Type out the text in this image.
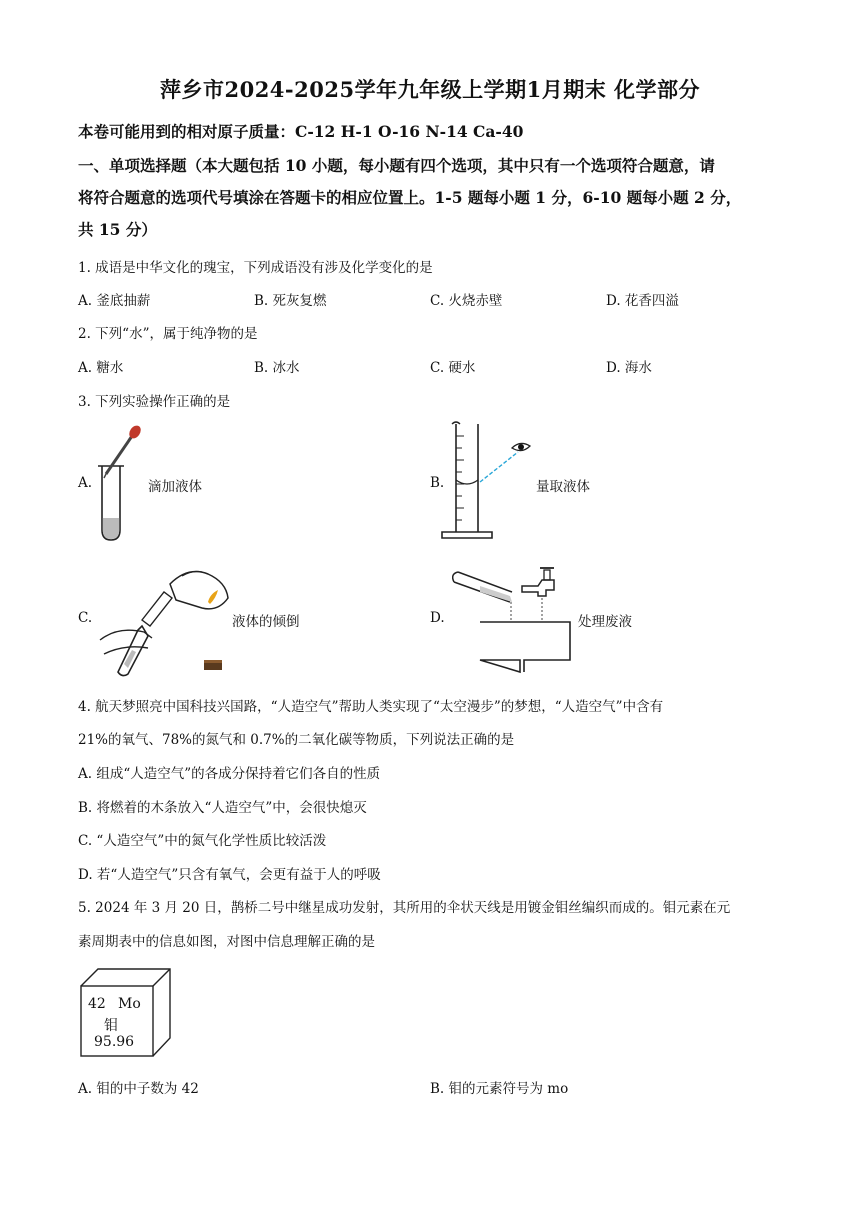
萍乡市2024-2025学年九年级上学期1月期末 化学部分
本卷可能用到的相对原子质量：C-12 H-1 O-16 N-14 Ca-40
一、单项选择题（本大题包括 10 小题，每小题有四个选项，其中只有一个选项符合题意，请
将符合题意的选项代号填涂在答题卡的相应位置上。1-5 题每小题 1 分，6-10 题每小题 2 分，
共 15 分）
1. 成语是中华文化的瑰宝，下列成语没有涉及化学变化的是
A. 釜底抽薪	B. 死灰复燃	C. 火烧赤壁	D. 花香四溢
2. 下列“水”，属于纯净物的是
A. 糖水	B. 冰水	C. 硬水	D. 海水
3. 下列实验操作正确的是
A.	滴加液体	B.	量取液体
C.	液体的倾倒	D.	处理废液
4. 航天梦照亮中国科技兴国路，“人造空气”帮助人类实现了“太空漫步”的梦想，“人造空气”中含有
21%的氧气、78%的氮气和 0.7%的二氧化碳等物质，下列说法正确的是
A. 组成“人造空气”的各成分保持着它们各自的性质
B. 将燃着的木条放入“人造空气”中，会很快熄灭
C. “人造空气”中的氮气化学性质比较活泼
D. 若“人造空气”只含有氧气，会更有益于人的呼吸
5. 2024 年 3 月 20 日，鹊桥二号中继星成功发射，其所用的伞状天线是用镀金钼丝编织而成的。钼元素在元
素周期表中的信息如图，对图中信息理解正确的是
42 Mo
钼
95.96
A. 钼的中子数为 42	B. 钼的元素符号为 mo
